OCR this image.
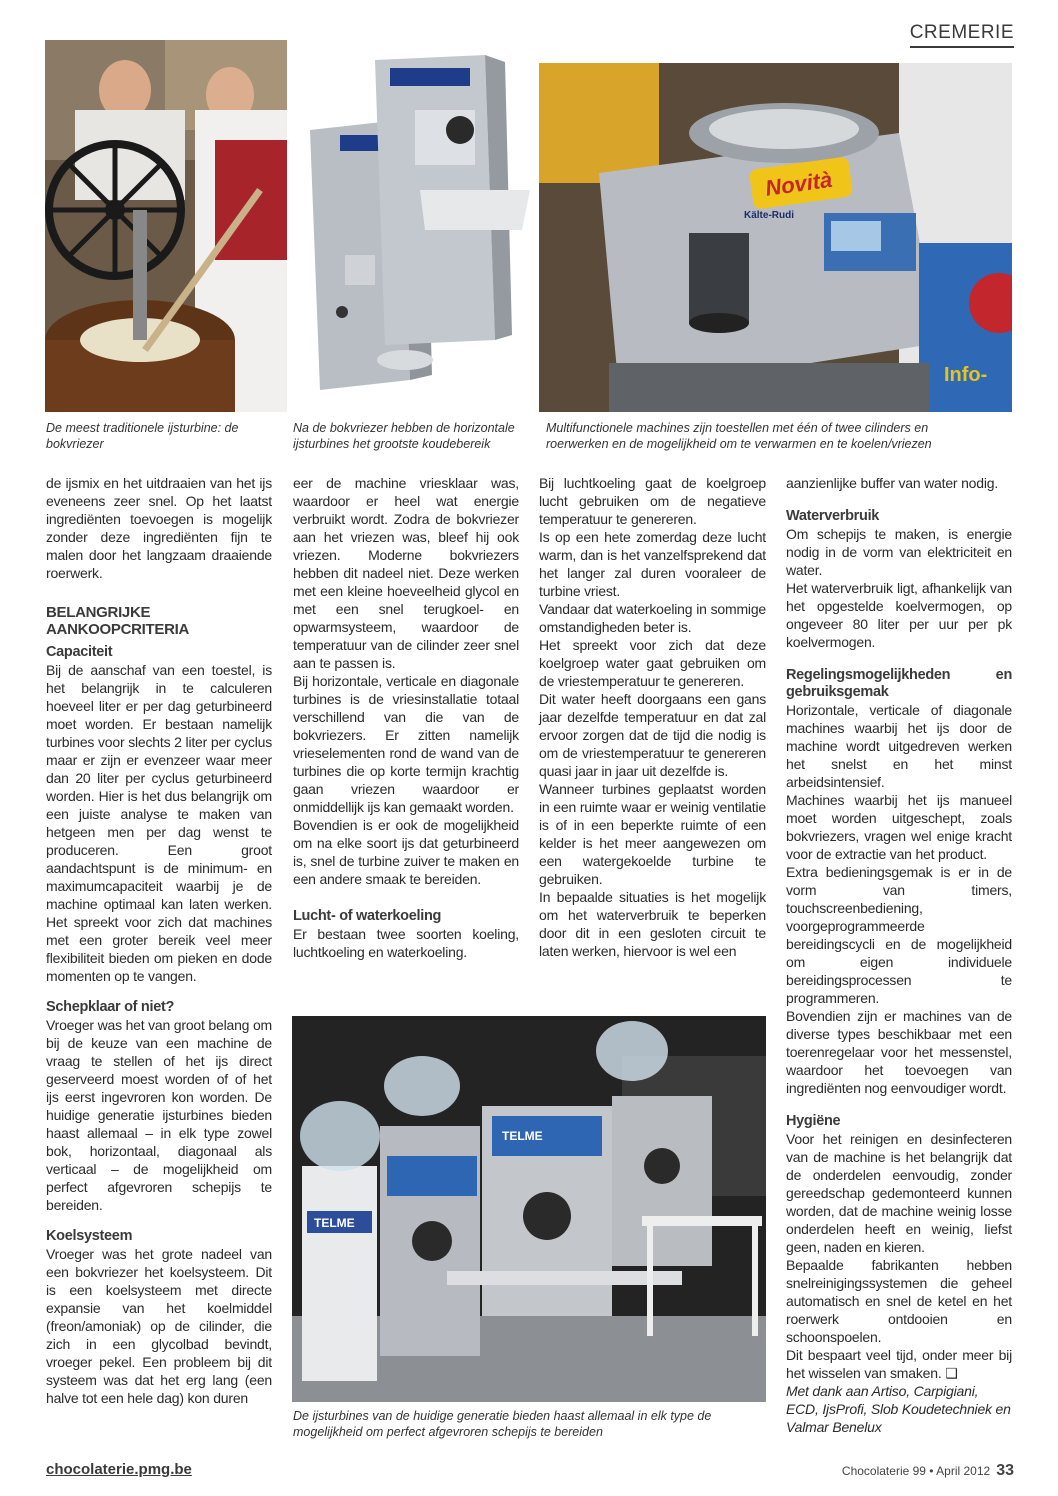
CREMERIE
Novità
Kälte-Rudi
Info-
De meest traditionele ijsturbine: de bokvriezer
Na de bokvriezer hebben de horizontale ijsturbines het grootste koudebereik
Multifunctionele machines zijn toestellen met één of twee cilinders en roerwerken en de mogelijkheid om te verwarmen en te koelen/vriezen

de ijsmix en het uitdraaien van het ijs eveneens zeer snel. Op het laatst ingrediënten toevoegen is mogelijk zonder deze ingrediënten fijn te malen door het langzaam draaiende roerwerk.

BELANGRIJKE AANKOOPCRITERIA
Capaciteit

Bij de aanschaf van een toestel, is het belangrijk in te calculeren hoeveel liter er per dag geturbineerd moet worden. Er bestaan namelijk turbines voor slechts 2 liter per cyclus maar er zijn er evenzeer waar meer dan 20 liter per cyclus geturbineerd worden. Hier is het dus belangrijk om een juiste analyse te maken van hetgeen men per dag wenst te produceren. Een groot aandachtspunt is de minimum- en maximumcapaciteit waarbij je de machine optimaal kan laten werken. Het spreekt voor zich dat machines met een groter bereik veel meer flexibiliteit bieden om pieken en dode momenten op te vangen.

Schepklaar of niet?

Vroeger was het van groot belang om bij de keuze van een machine de vraag te stellen of het ijs direct geserveerd moest worden of of het ijs eerst ingevroren kon worden. De huidige generatie ijsturbines bieden haast allemaal – in elk type zowel bok, horizontaal, diagonaal als verticaal – de mogelijkheid om perfect afgevroren schepijs te bereiden.

Koelsysteem

Vroeger was het grote nadeel van een bokvriezer het koelsysteem. Dit is een koelsysteem met directe expansie van het koelmiddel (freon/amoniak) op de cilinder, die zich in een glycolbad bevindt, vroeger pekel. Een probleem bij dit systeem was dat het erg lang (een halve tot een hele dag) kon duren

eer de machine vriesklaar was, waardoor er heel wat energie verbruikt wordt. Zodra de bokvriezer aan het vriezen was, bleef hij ook vriezen. Moderne bokvriezers hebben dit nadeel niet. Deze werken met een kleine hoeveelheid glycol en met een snel terugkoel- en opwarmsysteem, waardoor de temperatuur van de cilinder zeer snel aan te passen is.

Bij horizontale, verticale en diagonale turbines is de vriesinstallatie totaal verschillend van die van de bokvriezers. Er zitten namelijk vrieselementen rond de wand van de turbines die op korte termijn krachtig gaan vriezen waardoor er onmiddellijk ijs kan gemaakt worden.

Bovendien is er ook de mogelijkheid om na elke soort ijs dat geturbineerd is, snel de turbine zuiver te maken en een andere smaak te bereiden.

Lucht- of waterkoeling

Er bestaan twee soorten koeling, luchtkoeling en waterkoeling.

Bij luchtkoeling gaat de koelgroep lucht gebruiken om de negatieve temperatuur te genereren.

Is op een hete zomerdag deze lucht warm, dan is het vanzelfsprekend dat het langer zal duren vooraleer de turbine vriest.

Vandaar dat waterkoeling in sommige omstandigheden beter is.

Het spreekt voor zich dat deze koelgroep water gaat gebruiken om de vriestemperatuur te genereren.

Dit water heeft doorgaans een gans jaar dezelfde temperatuur en dat zal ervoor zorgen dat de tijd die nodig is om de vriestemperatuur te genereren quasi jaar in jaar uit dezelfde is.

Wanneer turbines geplaatst worden in een ruimte waar er weinig ventilatie is of in een beperkte ruimte of een kelder is het meer aangewezen om een watergekoelde turbine te gebruiken.

In bepaalde situaties is het mogelijk om het waterverbruik te beperken door dit in een gesloten circuit te laten werken, hiervoor is wel een

aanzienlijke buffer van water nodig.

Waterverbruik

Om schepijs te maken, is energie nodig in de vorm van elektriciteit en water.

Het waterverbruik ligt, afhankelijk van het opgestelde koelvermogen, op ongeveer 80 liter per uur per pk koelvermogen.

Regelingsmogelijkheden en gebruiksgemak

Horizontale, verticale of diagonale machines waarbij het ijs door de machine wordt uitgedreven werken het snelst en het minst arbeidsintensief.

Machines waarbij het ijs manueel moet worden uitgeschept, zoals bokvriezers, vragen wel enige kracht voor de extractie van het product.

Extra bedieningsgemak is er in de vorm van timers, touchscreenbediening, voorgeprogrammeerde bereidingscycli en de mogelijkheid om eigen individuele bereidingsprocessen te programmeren.

Bovendien zijn er machines van de diverse types beschikbaar met een toerenregelaar voor het messenstel, waardoor het toevoegen van ingrediënten nog eenvoudiger wordt.

Hygiëne

Voor het reinigen en desinfecteren van de machine is het belangrijk dat de onderdelen eenvoudig, zonder gereedschap gedemonteerd kunnen worden, dat de machine weinig losse onderdelen heeft en weinig, liefst geen, naden en kieren.

Bepaalde fabrikanten hebben snelreinigingssystemen die geheel automatisch en snel de ketel en het roerwerk ontdooien en schoonspoelen.

Dit bespaart veel tijd, onder meer bij het wisselen van smaken. ❑

Met dank aan Artiso, Carpigiani, ECD, IjsProfi, Slob Koudetechniek en Valmar Benelux

TELME
TELME
De ijsturbines van de huidige generatie bieden haast allemaal in elk type de mogelijkheid om perfect afgevroren schepijs te bereiden
chocolaterie.pmg.be	Chocolaterie 99 • April 2012 33
